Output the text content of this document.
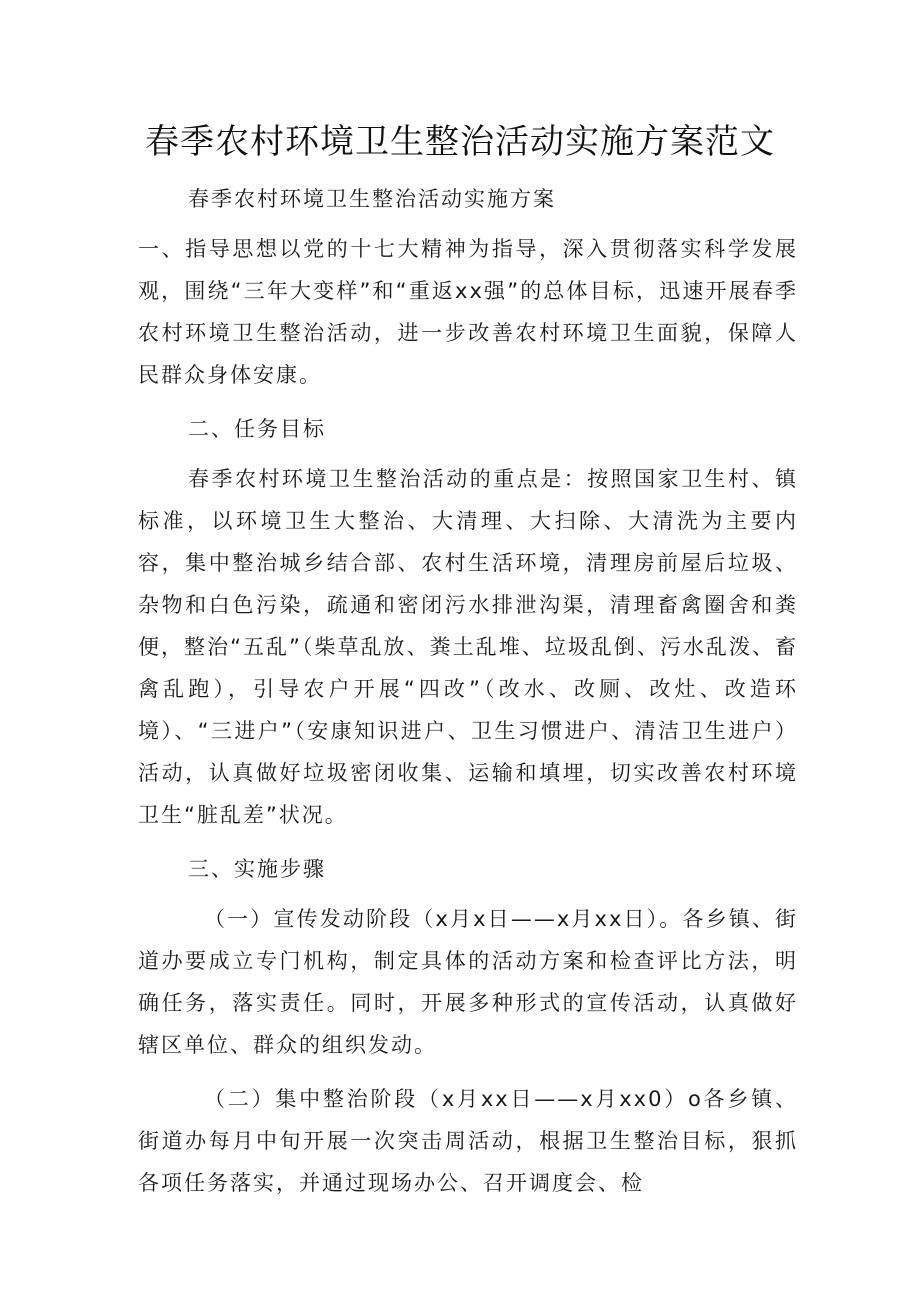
春季农村环境卫生整治活动实施方案范文

春季农村环境卫生整治活动实施方案

一、指导思想以党的十七大精神为指导，深入贯彻落实科学发展观，围绕“三年大变样”和“重返xx强”的总体目标，迅速开展春季农村环境卫生整治活动，进一步改善农村环境卫生面貌，保障人民群众身体安康。

二、任务目标

春季农村环境卫生整治活动的重点是：按照国家卫生村、镇标准，以环境卫生大整治、大清理、大扫除、大清洗为主要内容，集中整治城乡结合部、农村生活环境，清理房前屋后垃圾、杂物和白色污染，疏通和密闭污水排泄沟渠，清理畜禽圈舍和粪便，整治“五乱”（柴草乱放、粪土乱堆、垃圾乱倒、污水乱泼、畜禽乱跑），引导农户开展“四改”（改水、改厕、改灶、改造环境）、“三进户”（安康知识进户、卫生习惯进户、清洁卫生进户）活动，认真做好垃圾密闭收集、运输和填埋，切实改善农村环境卫生“脏乱差”状况。

三、实施步骤

（一）宣传发动阶段（x月x日——x月xx日）。各乡镇、街道办要成立专门机构，制定具体的活动方案和检查评比方法，明确任务，落实责任。同时，开展多种形式的宣传活动，认真做好辖区单位、群众的组织发动。

（二）集中整治阶段（x月xx日——x月xx0）o各乡镇、街道办每月中旬开展一次突击周活动，根据卫生整治目标，狠抓各项任务落实，并通过现场办公、召开调度会、检
